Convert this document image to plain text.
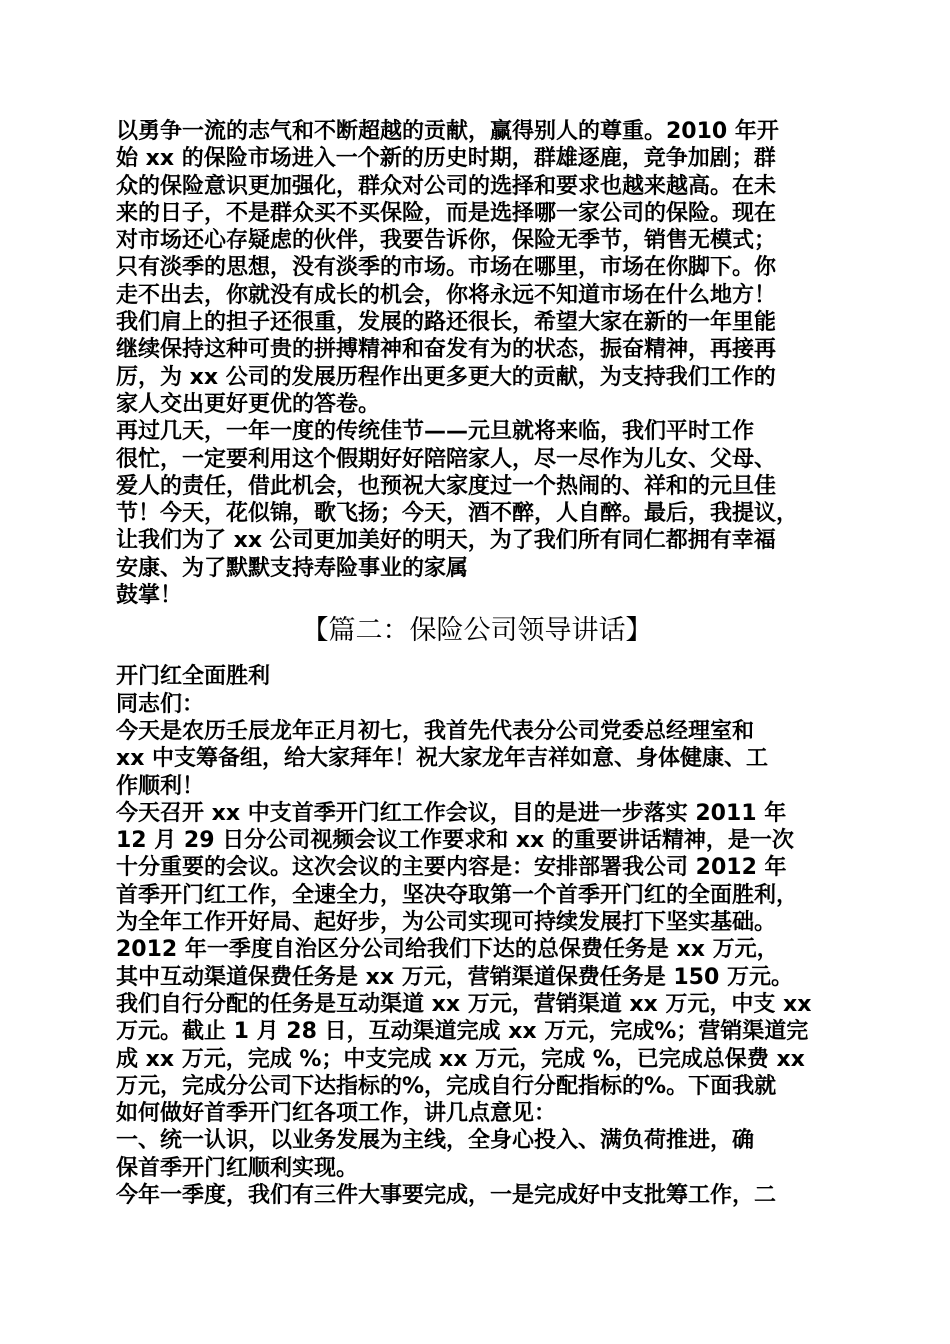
以勇争一流的志气和不断超越的贡献，赢得别人的尊重。2010 年开
始 xx 的保险市场进入一个新的历史时期，群雄逐鹿，竞争加剧；群
众的保险意识更加强化，群众对公司的选择和要求也越来越高。在未
来的日子，不是群众买不买保险，而是选择哪一家公司的保险。现在
对市场还心存疑虑的伙伴，我要告诉你，保险无季节，销售无模式；
只有淡季的思想，没有淡季的市场。市场在哪里，市场在你脚下。你
走不出去，你就没有成长的机会，你将永远不知道市场在什么地方！
我们肩上的担子还很重，发展的路还很长，希望大家在新的一年里能
继续保持这种可贵的拼搏精神和奋发有为的状态，振奋精神，再接再
厉，为 xx 公司的发展历程作出更多更大的贡献，为支持我们工作的
家人交出更好更优的答卷。
再过几天，一年一度的传统佳节——元旦就将来临，我们平时工作
很忙，一定要利用这个假期好好陪陪家人，尽一尽作为儿女、父母、
爱人的责任，借此机会，也预祝大家度过一个热闹的、祥和的元旦佳
节！今天，花似锦，歌飞扬；今天，酒不醉，人自醉。最后，我提议，
让我们为了 xx 公司更加美好的明天，为了我们所有同仁都拥有幸福
安康、为了默默支持寿险事业的家属
鼓掌！
【篇二：保险公司领导讲话】
开门红全面胜利
同志们：
今天是农历壬辰龙年正月初七，我首先代表分公司党委总经理室和
xx 中支筹备组，给大家拜年！祝大家龙年吉祥如意、身体健康、工
作顺利！
今天召开 xx 中支首季开门红工作会议，目的是进一步落实 2011 年
12 月 29 日分公司视频会议工作要求和 xx 的重要讲话精神，是一次
十分重要的会议。这次会议的主要内容是：安排部署我公司 2012 年
首季开门红工作，全速全力，坚决夺取第一个首季开门红的全面胜利，
为全年工作开好局、起好步，为公司实现可持续发展打下坚实基础。
2012 年一季度自治区分公司给我们下达的总保费任务是 xx 万元，
其中互动渠道保费任务是 xx 万元，营销渠道保费任务是 150 万元。
我们自行分配的任务是互动渠道 xx 万元，营销渠道 xx 万元，中支 xx
万元。截止 1 月 28 日，互动渠道完成 xx 万元，完成%；营销渠道完
成 xx 万元，完成 %；中支完成 xx 万元，完成 %，已完成总保费 xx
万元，完成分公司下达指标的%，完成自行分配指标的%。下面我就
如何做好首季开门红各项工作，讲几点意见：
一、统一认识，以业务发展为主线，全身心投入、满负荷推进，确
保首季开门红顺利实现。
今年一季度，我们有三件大事要完成，一是完成好中支批筹工作，二
